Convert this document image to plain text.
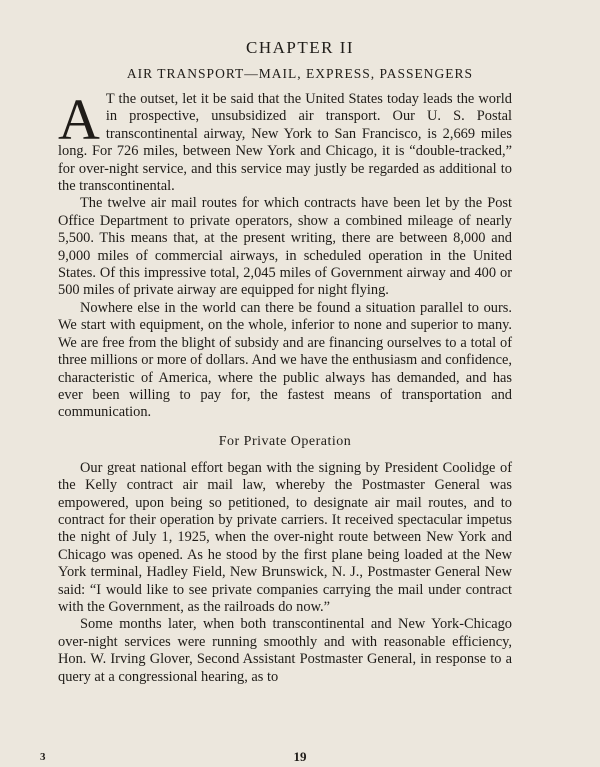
CHAPTER II
AIR TRANSPORT—MAIL, EXPRESS, PASSENGERS

A T the outset, let it be said that the United States today leads the world in prospective, unsubsidized air transport. Our U. S. Postal transcontinental airway, New York to San Francisco, is 2,669 miles long. For 726 miles, between New York and Chicago, it is “double-tracked,” for over-night service, and this service may justly be regarded as additional to the transcontinental.

The twelve air mail routes for which contracts have been let by the Post Office Department to private operators, show a combined mileage of nearly 5,500. This means that, at the present writing, there are between 8,000 and 9,000 miles of commercial airways, in scheduled operation in the United States. Of this impressive total, 2,045 miles of Government airway and 400 or 500 miles of private airway are equipped for night flying.

Nowhere else in the world can there be found a situation parallel to ours. We start with equipment, on the whole, inferior to none and superior to many. We are free from the blight of subsidy and are financing ourselves to a total of three millions or more of dollars. And we have the enthusiasm and confidence, characteristic of America, where the public always has demanded, and has ever been willing to pay for, the fastest means of transportation and communication.

For Private Operation

Our great national effort began with the signing by President Coolidge of the Kelly contract air mail law, whereby the Postmaster General was empowered, upon being so petitioned, to designate air mail routes, and to contract for their operation by private carriers. It received spectacular impetus the night of July 1, 1925, when the over-night route between New York and Chicago was opened. As he stood by the first plane being loaded at the New York terminal, Hadley Field, New Brunswick, N. J., Postmaster General New said: “I would like to see private companies carrying the mail under contract with the Government, as the railroads do now.”

Some months later, when both transcontinental and New York-Chicago over-night services were running smoothly and with reasonable efficiency, Hon. W. Irving Glover, Second Assistant Postmaster General, in response to a query at a congressional hearing, as to

3	19
